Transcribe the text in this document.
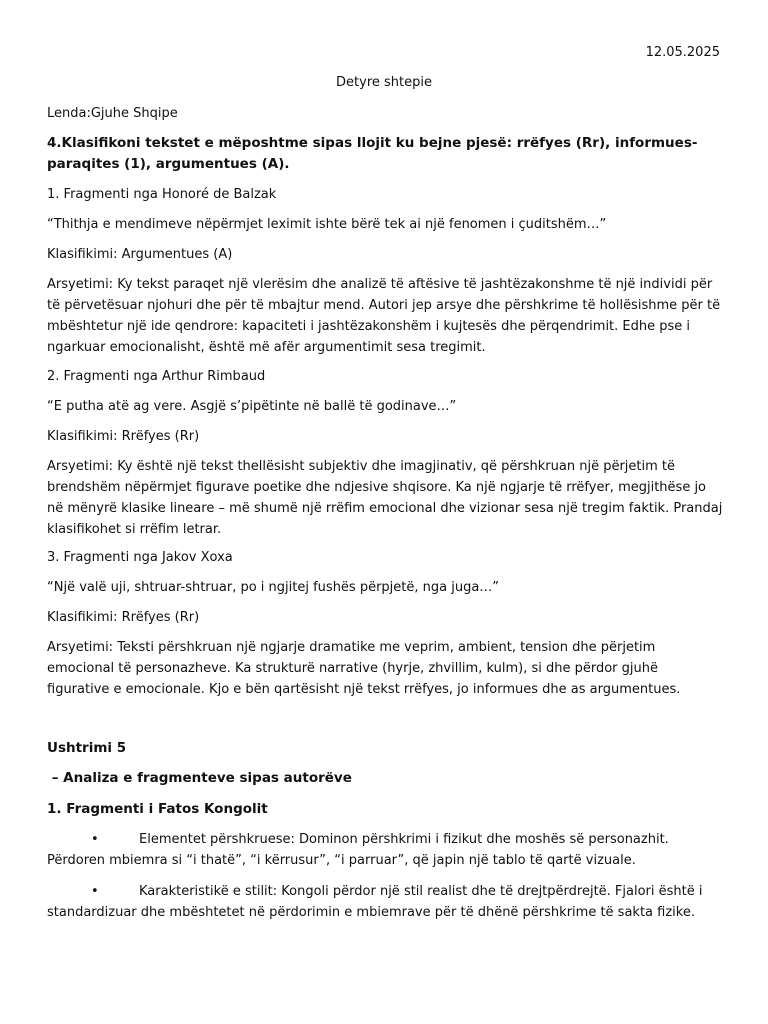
12.05.2025

Detyre shtepie

Lenda:Gjuhe Shqipe

4.Klasifikoni tekstet e mëposhtme sipas llojit ku bejne pjesë: rrëfyes (Rr), informues-paraqites (1), argumentues (A).

1. Fragmenti nga Honoré de Balzak

“Thithja e mendimeve nëpërmjet leximit ishte bërë tek ai një fenomen i çuditshëm…”

Klasifikimi: Argumentues (A)

Arsyetimi: Ky tekst paraqet një vlerësim dhe analizë të aftësive të jashtëzakonshme të një individi për të përvetësuar njohuri dhe për të mbajtur mend. Autori jep arsye dhe përshkrime të hollësishme për të mbështetur një ide qendrore: kapaciteti i jashtëzakonshëm i kujtesës dhe përqendrimit. Edhe pse i ngarkuar emocionalisht, është më afër argumentimit sesa tregimit.

2. Fragmenti nga Arthur Rimbaud

“E putha atë ag vere. Asgjë s’pipëtinte në ballë të godinave…”

Klasifikimi: Rrëfyes (Rr)

Arsyetimi: Ky është një tekst thellësisht subjektiv dhe imagjinativ, që përshkruan një përjetim të brendshëm nëpërmjet figurave poetike dhe ndjesive shqisore. Ka një ngjarje të rrëfyer, megjithëse jo në mënyrë klasike lineare – më shumë një rrëfim emocional dhe vizionar sesa një tregim faktik. Prandaj klasifikohet si rrëfim letrar.

3. Fragmenti nga Jakov Xoxa

“Një valë uji, shtruar-shtruar, po i ngjitej fushës përpjetë, nga juga…”

Klasifikimi: Rrëfyes (Rr)

Arsyetimi: Teksti përshkruan një ngjarje dramatike me veprim, ambient, tension dhe përjetim emocional të personazheve. Ka strukturë narrative (hyrje, zhvillim, kulm), si dhe përdor gjuhë figurative e emocionale. Kjo e bën qartësisht një tekst rrëfyes, jo informues dhe as argumentues.

Ushtrimi 5

– Analiza e fragmenteve sipas autorëve

1. Fragmenti i Fatos Kongolit

•	Elementet përshkruese: Dominon përshkrimi i fizikut dhe moshës së personazhit. Përdoren mbiemra si “i thatë”, “i kërrusur”, “i parruar”, që japin një tablo të qartë vizuale.
•	Karakteristikë e stilit: Kongoli përdor një stil realist dhe të drejtpërdrejtë. Fjalori është i standardizuar dhe mbështetet në përdorimin e mbiemrave për të dhënë përshkrime të sakta fizike.
